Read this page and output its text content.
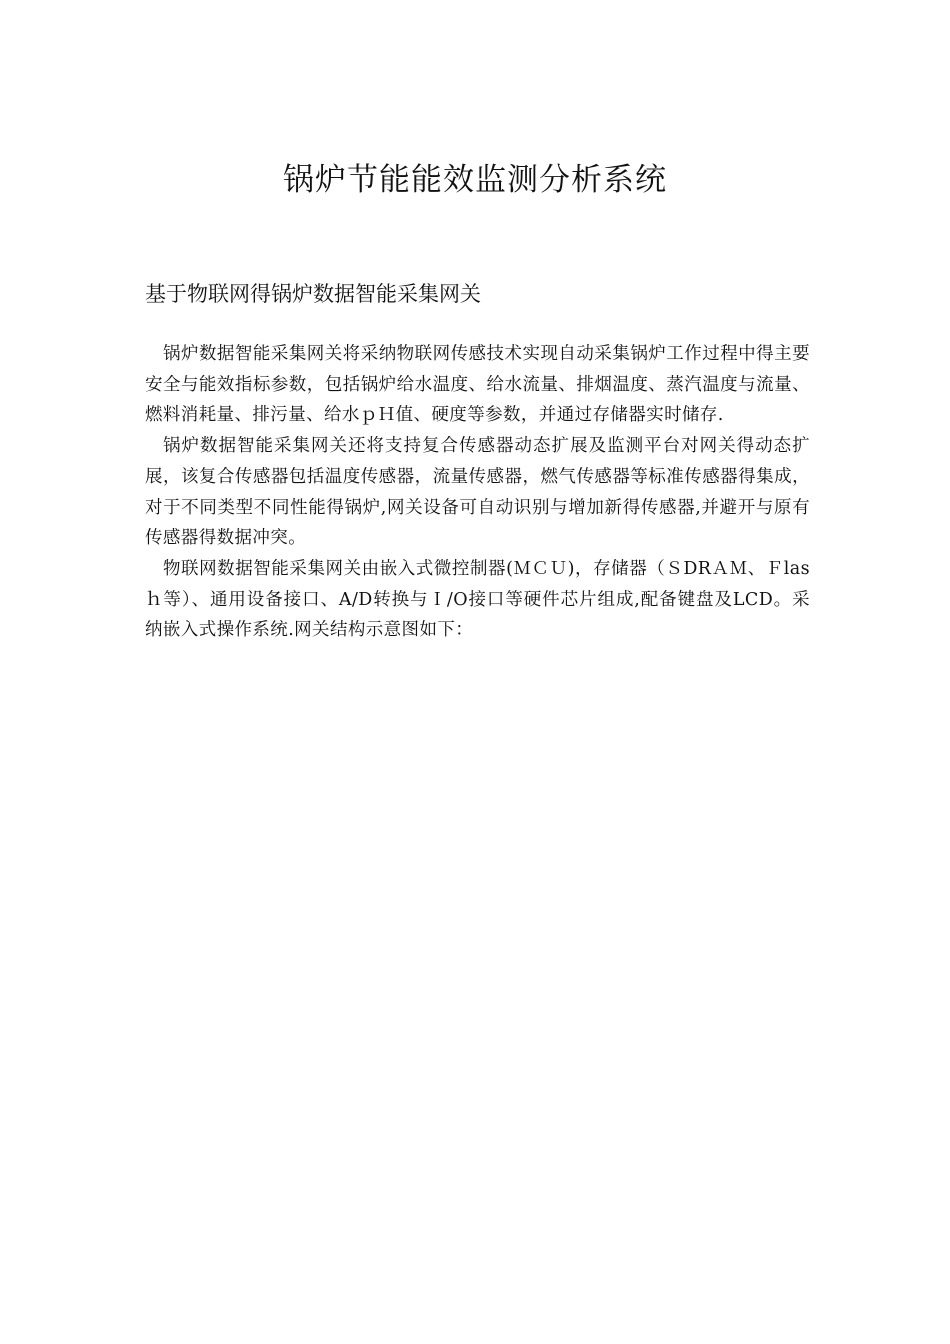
锅炉节能能效监测分析系统
基于物联网得锅炉数据智能采集网关

锅炉数据智能采集网关将采纳物联网传感技术实现自动采集锅炉工作过程中得主要安全与能效指标参数，包括锅炉给水温度、给水流量、排烟温度、蒸汽温度与流量、燃料消耗量、排污量、给水ｐＨ值、硬度等参数，并通过存储器实时储存.

锅炉数据智能采集网关还将支持复合传感器动态扩展及监测平台对网关得动态扩展，该复合传感器包括温度传感器，流量传感器，燃气传感器等标准传感器得集成，对于不同类型不同性能得锅炉,网关设备可自动识别与增加新得传感器,并避开与原有传感器得数据冲突。

物联网数据智能采集网关由嵌入式微控制器(ＭＣＵ)，存储器（ＳDRＡＭ、Ｆlasｈ等）、通用设备接口、A/D转换与Ｉ/O接口等硬件芯片组成,配备键盘及LCD。采纳嵌入式操作系统.网关结构示意图如下：
